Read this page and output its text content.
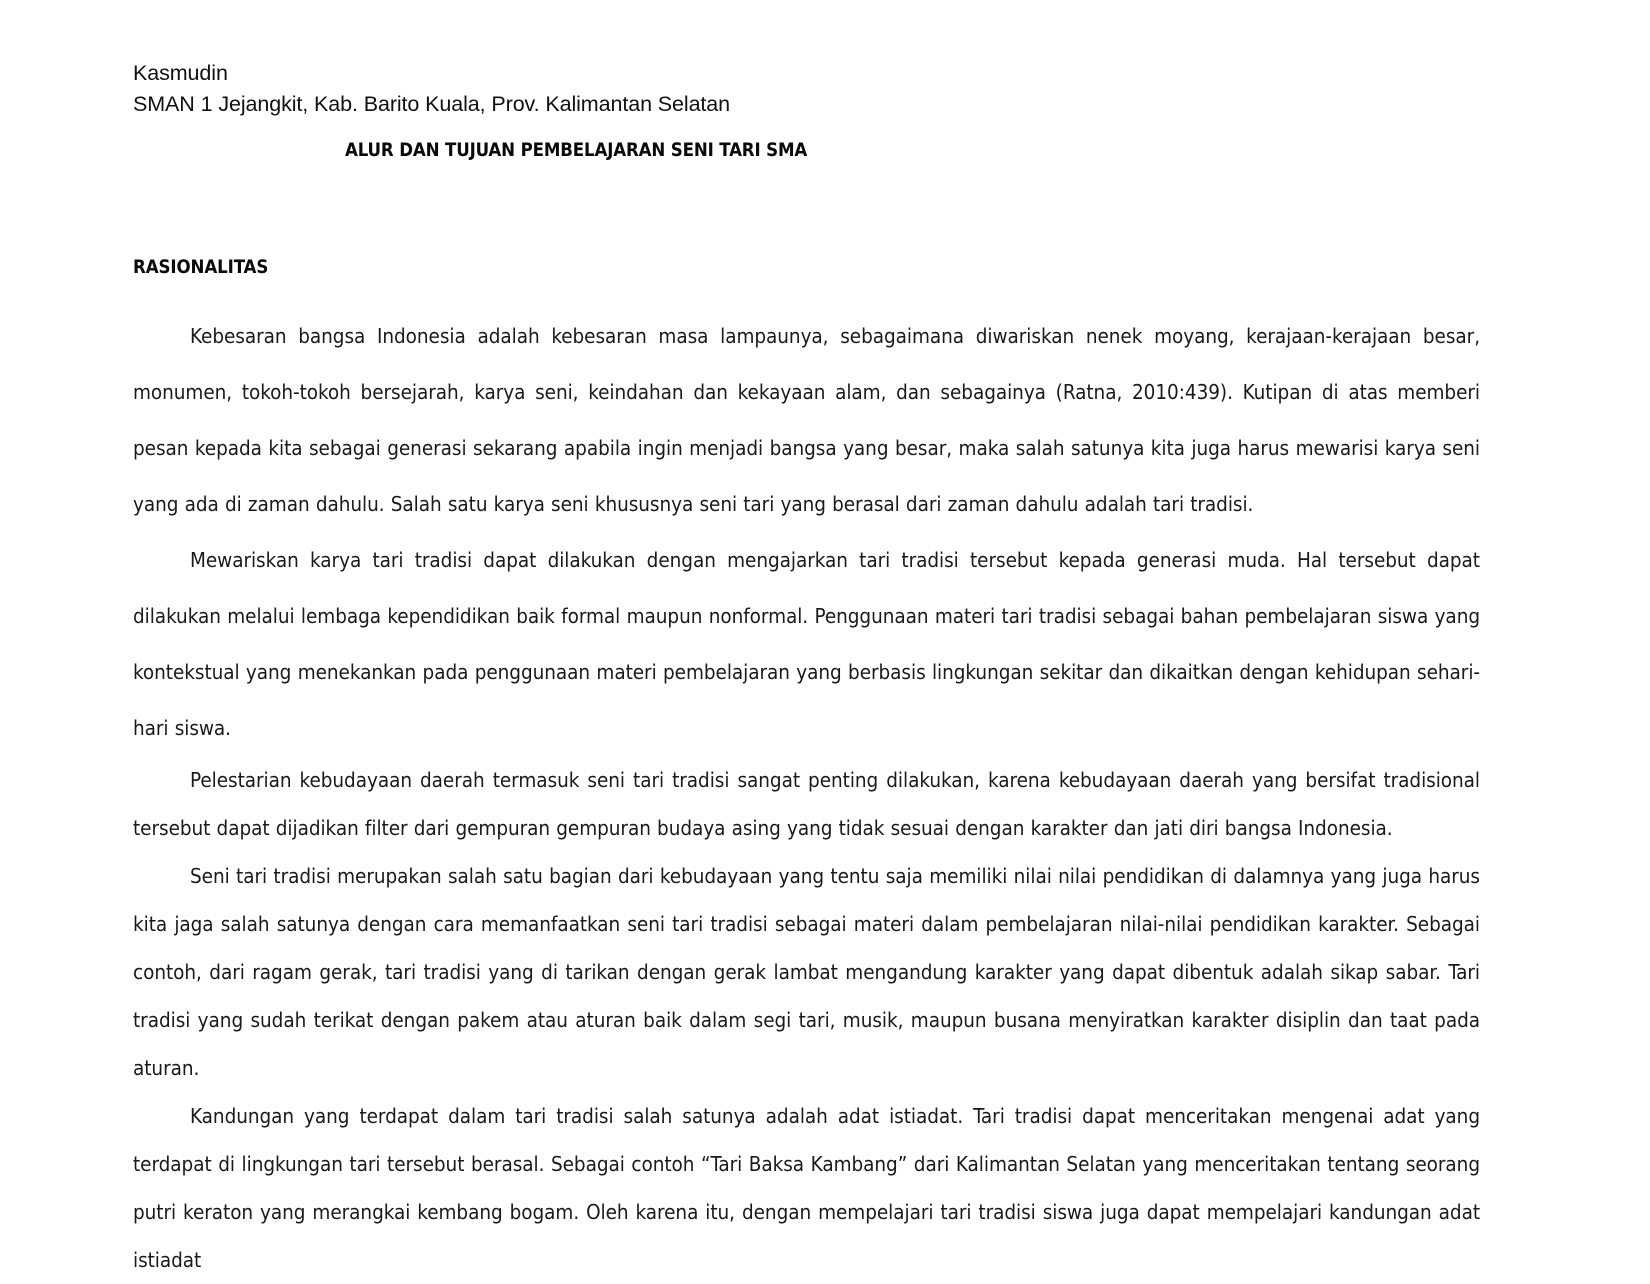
Kasmudin
SMAN 1 Jejangkit, Kab. Barito Kuala, Prov. Kalimantan Selatan
ALUR DAN TUJUAN PEMBELAJARAN SENI TARI SMA
RASIONALITAS

Kebesaran bangsa Indonesia adalah kebesaran masa lampaunya, sebagaimana diwariskan nenek moyang, kerajaan-kerajaan besar, monumen, tokoh-tokoh bersejarah, karya seni, keindahan dan kekayaan alam, dan sebagainya (Ratna, 2010:439). Kutipan di atas memberi pesan kepada kita sebagai generasi sekarang apabila ingin menjadi bangsa yang besar, maka salah satunya kita juga harus mewarisi karya seni yang ada di zaman dahulu. Salah satu karya seni khususnya seni tari yang berasal dari zaman dahulu adalah tari tradisi.

Mewariskan karya tari tradisi dapat dilakukan dengan mengajarkan tari tradisi tersebut kepada generasi muda. Hal tersebut dapat dilakukan melalui lembaga kependidikan baik formal maupun nonformal. Penggunaan materi tari tradisi sebagai bahan pembelajaran siswa yang kontekstual yang menekankan pada penggunaan materi pembelajaran yang berbasis lingkungan sekitar dan dikaitkan dengan kehidupan sehari-hari siswa.

Pelestarian kebudayaan daerah termasuk seni tari tradisi sangat penting dilakukan, karena kebudayaan daerah yang bersifat tradisional tersebut dapat dijadikan filter dari gempuran gempuran budaya asing yang tidak sesuai dengan karakter dan jati diri bangsa Indonesia.

Seni tari tradisi merupakan salah satu bagian dari kebudayaan yang tentu saja memiliki nilai nilai pendidikan di dalamnya yang juga harus kita jaga salah satunya dengan cara memanfaatkan seni tari tradisi sebagai materi dalam pembelajaran nilai-nilai pendidikan karakter. Sebagai contoh, dari ragam gerak, tari tradisi yang di tarikan dengan gerak lambat mengandung karakter yang dapat dibentuk adalah sikap sabar. Tari tradisi yang sudah terikat dengan pakem atau aturan baik dalam segi tari, musik, maupun busana menyiratkan karakter disiplin dan taat pada aturan.

Kandungan yang terdapat dalam tari tradisi salah satunya adalah adat istiadat. Tari tradisi dapat menceritakan mengenai adat yang terdapat di lingkungan tari tersebut berasal. Sebagai contoh “Tari Baksa Kambang” dari Kalimantan Selatan yang menceritakan tentang seorang putri keraton yang merangkai kembang bogam. Oleh karena itu, dengan mempelajari tari tradisi siswa juga dapat mempelajari kandungan adat istiadat
